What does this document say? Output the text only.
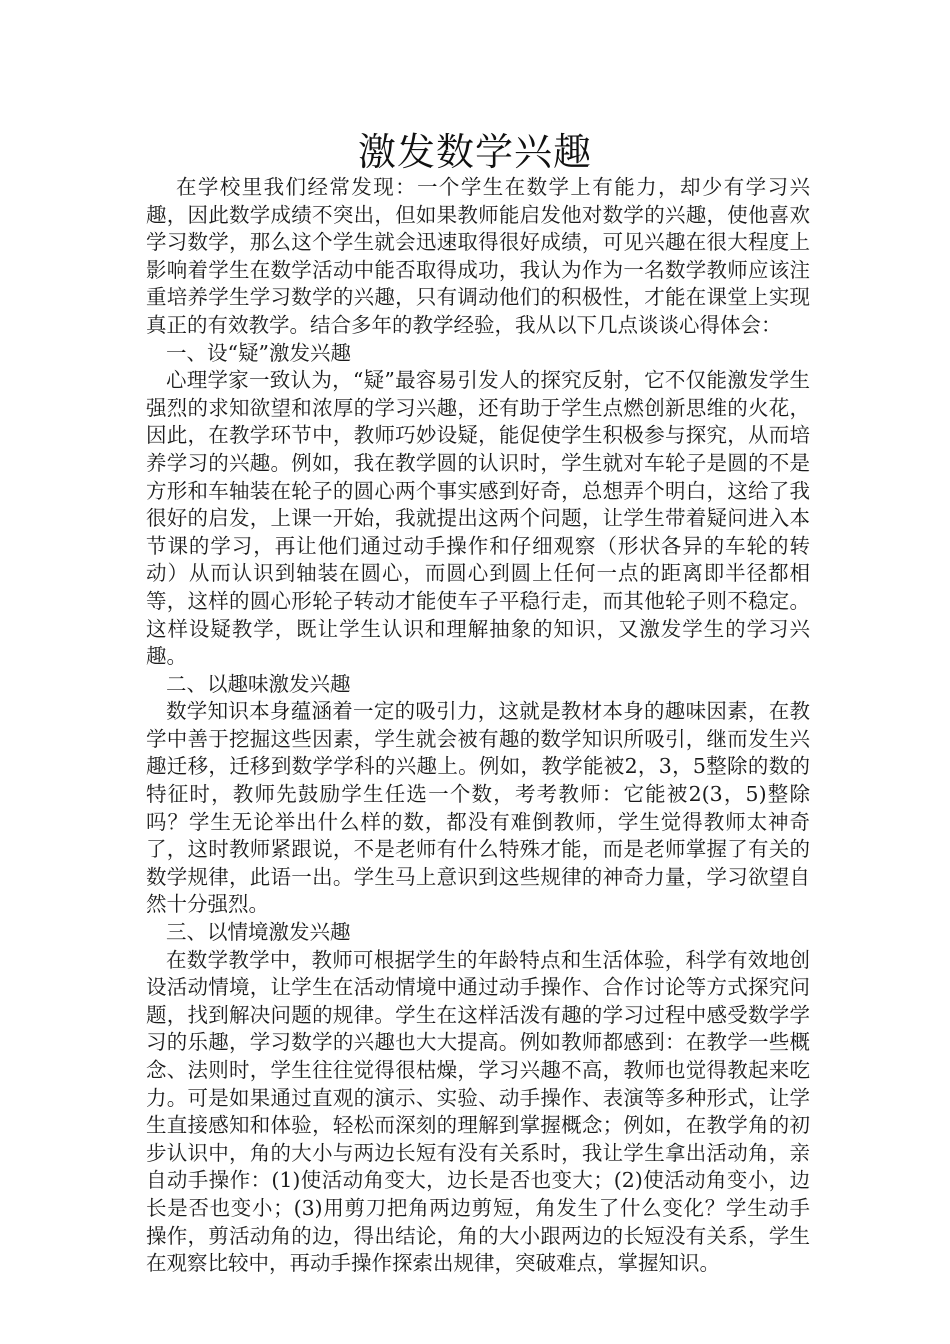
激发数学兴趣

在学校里我们经常发现：一个学生在数学上有能力，却少有学习兴趣，因此数学成绩不突出，但如果教师能启发他对数学的兴趣，使他喜欢学习数学，那么这个学生就会迅速取得很好成绩，可见兴趣在很大程度上影响着学生在数学活动中能否取得成功，我认为作为一名数学教师应该注重培养学生学习数学的兴趣，只有调动他们的积极性，才能在课堂上实现真正的有效教学。结合多年的教学经验，我从以下几点谈谈心得体会：

一、设“疑”激发兴趣

心理学家一致认为，“疑”最容易引发人的探究反射，它不仅能激发学生强烈的求知欲望和浓厚的学习兴趣，还有助于学生点燃创新思维的火花，因此，在教学环节中，教师巧妙设疑，能促使学生积极参与探究，从而培养学习的兴趣。例如，我在教学圆的认识时，学生就对车轮子是圆的不是方形和车轴装在轮子的圆心两个事实感到好奇，总想弄个明白，这给了我很好的启发，上课一开始，我就提出这两个问题，让学生带着疑问进入本节课的学习，再让他们通过动手操作和仔细观察（形状各异的车轮的转动）从而认识到轴装在圆心，而圆心到圆上任何一点的距离即半径都相等，这样的圆心形轮子转动才能使车子平稳行走，而其他轮子则不稳定。这样设疑教学，既让学生认识和理解抽象的知识，又激发学生的学习兴趣。

二、以趣味激发兴趣

数学知识本身蕴涵着一定的吸引力，这就是教材本身的趣味因素，在教学中善于挖掘这些因素，学生就会被有趣的数学知识所吸引，继而发生兴趣迁移，迁移到数学学科的兴趣上。例如，教学能被2，3，5整除的数的特征时，教师先鼓励学生任选一个数，考考教师：它能被2(3，5)整除吗？学生无论举出什么样的数，都没有难倒教师，学生觉得教师太神奇了，这时教师紧跟说，不是老师有什么特殊才能，而是老师掌握了有关的数学规律，此语一出。学生马上意识到这些规律的神奇力量，学习欲望自然十分强烈。

三、以情境激发兴趣

在数学教学中，教师可根据学生的年龄特点和生活体验，科学有效地创设活动情境，让学生在活动情境中通过动手操作、合作讨论等方式探究问题，找到解决问题的规律。学生在这样活泼有趣的学习过程中感受数学学习的乐趣，学习数学的兴趣也大大提高。例如教师都感到：在教学一些概念、法则时，学生往往觉得很枯燥，学习兴趣不高，教师也觉得教起来吃力。可是如果通过直观的演示、实验、动手操作、表演等多种形式，让学生直接感知和体验，轻松而深刻的理解到掌握概念；例如，在教学角的初步认识中，角的大小与两边长短有没有关系时，我让学生拿出活动角，亲自动手操作：(1)使活动角变大，边长是否也变大；(2)使活动角变小，边长是否也变小；(3)用剪刀把角两边剪短，角发生了什么变化？学生动手操作，剪活动角的边，得出结论，角的大小跟两边的长短没有关系，学生在观察比较中，再动手操作探索出规律，突破难点，掌握知识。
